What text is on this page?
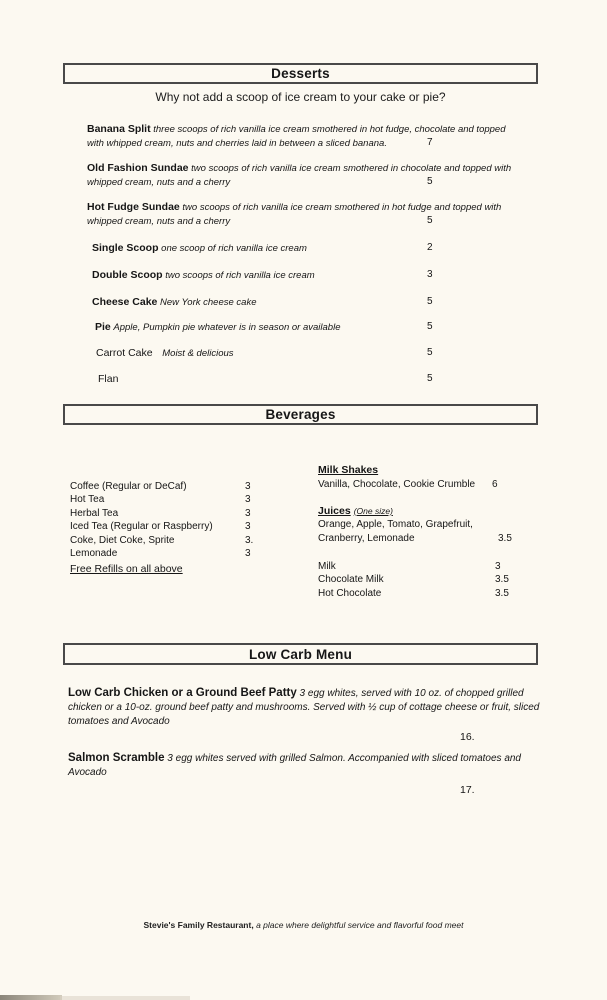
Desserts
Why not add a scoop of ice cream to your cake or pie?
Banana Split three scoops of rich vanilla ice cream smothered in hot fudge, chocolate and topped with whipped cream, nuts and cherries laid in between a sliced banana.	7
Old Fashion Sundae two scoops of rich vanilla ice cream smothered in chocolate and topped with whipped cream, nuts and a cherry	5
Hot Fudge Sundae two scoops of rich vanilla ice cream smothered in hot fudge and topped with whipped cream, nuts and a cherry	5
Single Scoop one scoop of rich vanilla ice cream	2
Double Scoop two scoops of rich vanilla ice cream	3
Cheese Cake New York cheese cake	5
Pie Apple, Pumpkin pie whatever is in season or available	5
Carrot Cake Moist & delicious	5
Flan	5
Beverages
Coffee (Regular or DeCaf)	3
Hot Tea	3
Herbal Tea	3
Iced Tea (Regular or Raspberry)	3
Coke, Diet Coke, Sprite	3.
Lemonade	3
Free Refills on all above
Milk Shakes
Vanilla, Chocolate, Cookie Crumble 6
Juices (One size)
Orange, Apple, Tomato, Grapefruit,
Cranberry, Lemonade	3.5
Milk	3
Chocolate Milk	3.5
Hot Chocolate	3.5
Low Carb Menu
Low Carb Chicken or a Ground Beef Patty 3 egg whites, served with 10 oz. of chopped grilled chicken or a 10-oz. ground beef patty and mushrooms. Served with ½ cup of cottage cheese or fruit, sliced tomatoes and Avocado
16.
Salmon Scramble 3 egg whites served with grilled Salmon. Accompanied with sliced tomatoes and Avocado
17.
Stevie's Family Restaurant, a place where delightful service and flavorful food meet
